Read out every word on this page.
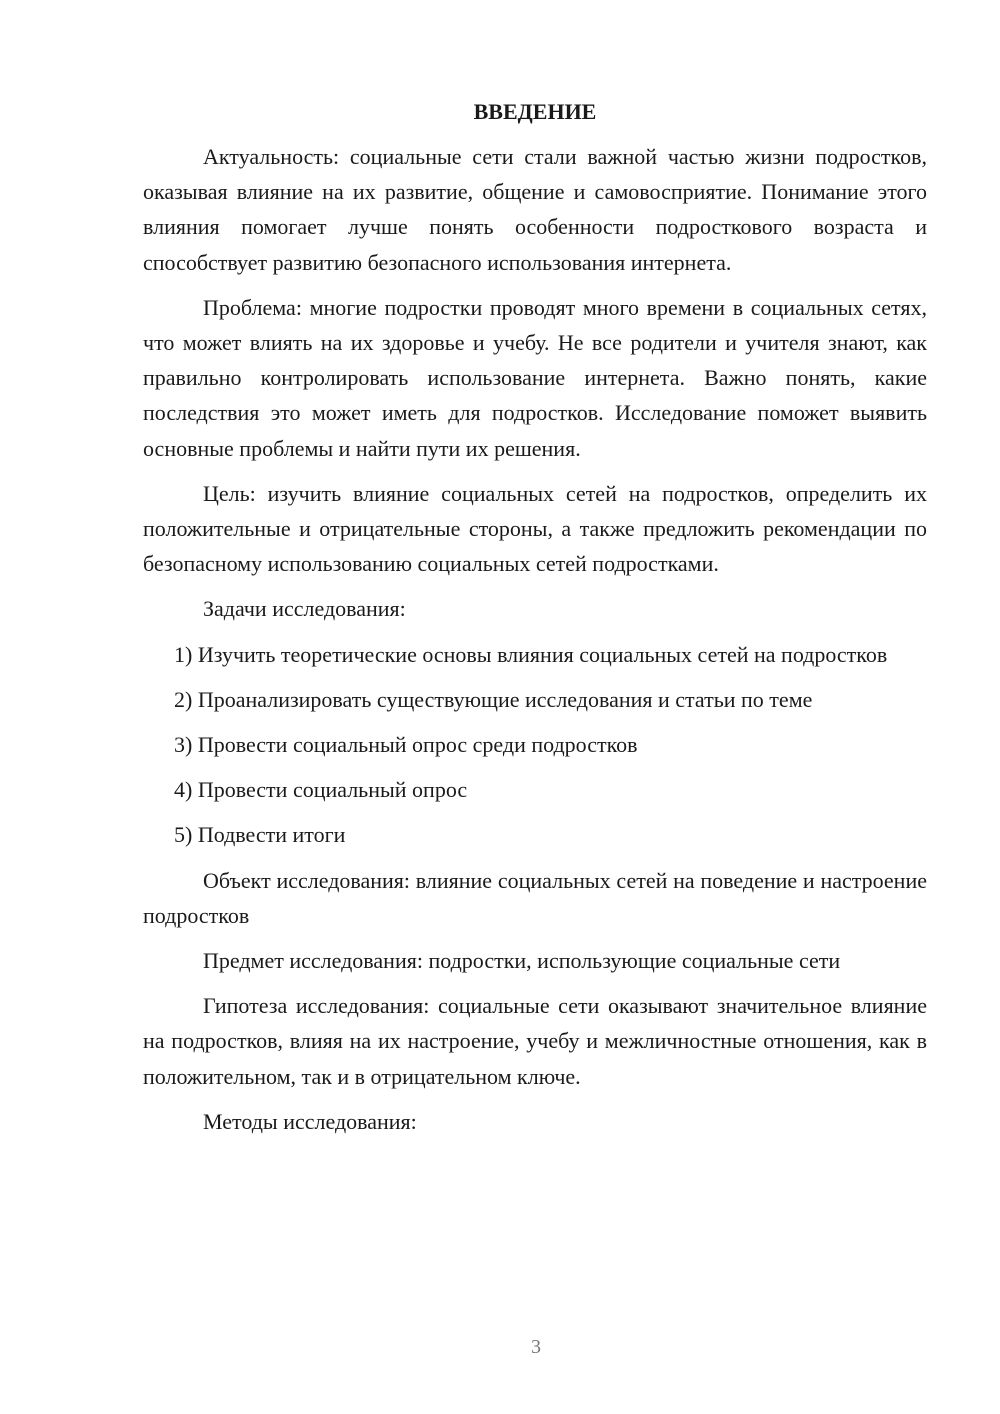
ВВЕДЕНИЕ

Актуальность: социальные сети стали важной частью жизни подростков, оказывая влияние на их развитие, общение и самовосприятие. Понимание этого влияния помогает лучше понять особенности подросткового возраста и способствует развитию безопасного использования интернета.

Проблема: многие подростки проводят много времени в социальных сетях, что может влиять на их здоровье и учебу. Не все родители и учителя знают, как правильно контролировать использование интернета. Важно понять, какие последствия это может иметь для подростков. Исследование поможет выявить основные проблемы и найти пути их решения.

Цель: изучить влияние социальных сетей на подростков, определить их положительные и отрицательные стороны, а также предложить рекомендации по безопасному использованию социальных сетей подростками.

Задачи исследования:

1) Изучить теоретические основы влияния социальных сетей на подростков

2) Проанализировать существующие исследования и статьи по теме

3) Провести социальный опрос среди подростков

4) Провести социальный опрос

5) Подвести итоги

Объект исследования: влияние социальных сетей на поведение и настроение подростков

Предмет исследования: подростки, использующие социальные сети

Гипотеза исследования: социальные сети оказывают значительное влияние на подростков, влияя на их настроение, учебу и межличностные отношения, как в положительном, так и в отрицательном ключе.

Методы исследования:

3
